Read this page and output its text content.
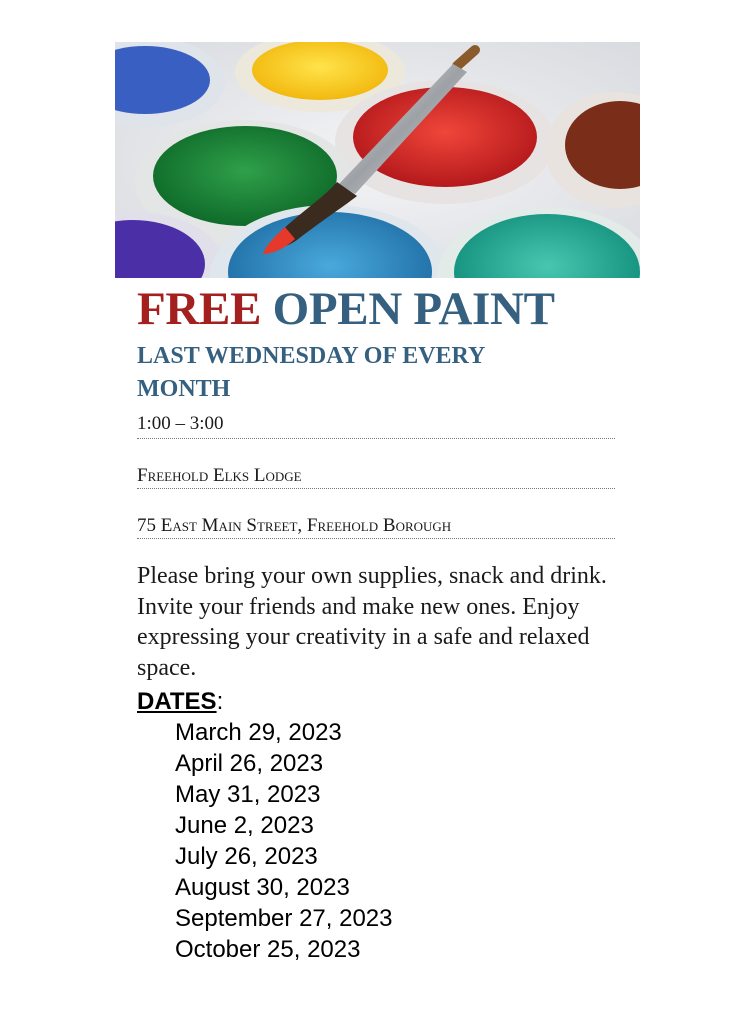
FREE OPEN PAINT
LAST WEDNESDAY OF EVERY MONTH
1:00 – 3:00
Freehold Elks Lodge
75 East Main Street, Freehold Borough

Please bring your own supplies, snack and drink.

Invite your friends and make new ones. Enjoy expressing your creativity in a safe and relaxed space.

DATES:
March 29, 2023
April 26, 2023
May 31, 2023
June 2, 2023
July 26, 2023
August 30, 2023
September 27, 2023
October 25, 2023
